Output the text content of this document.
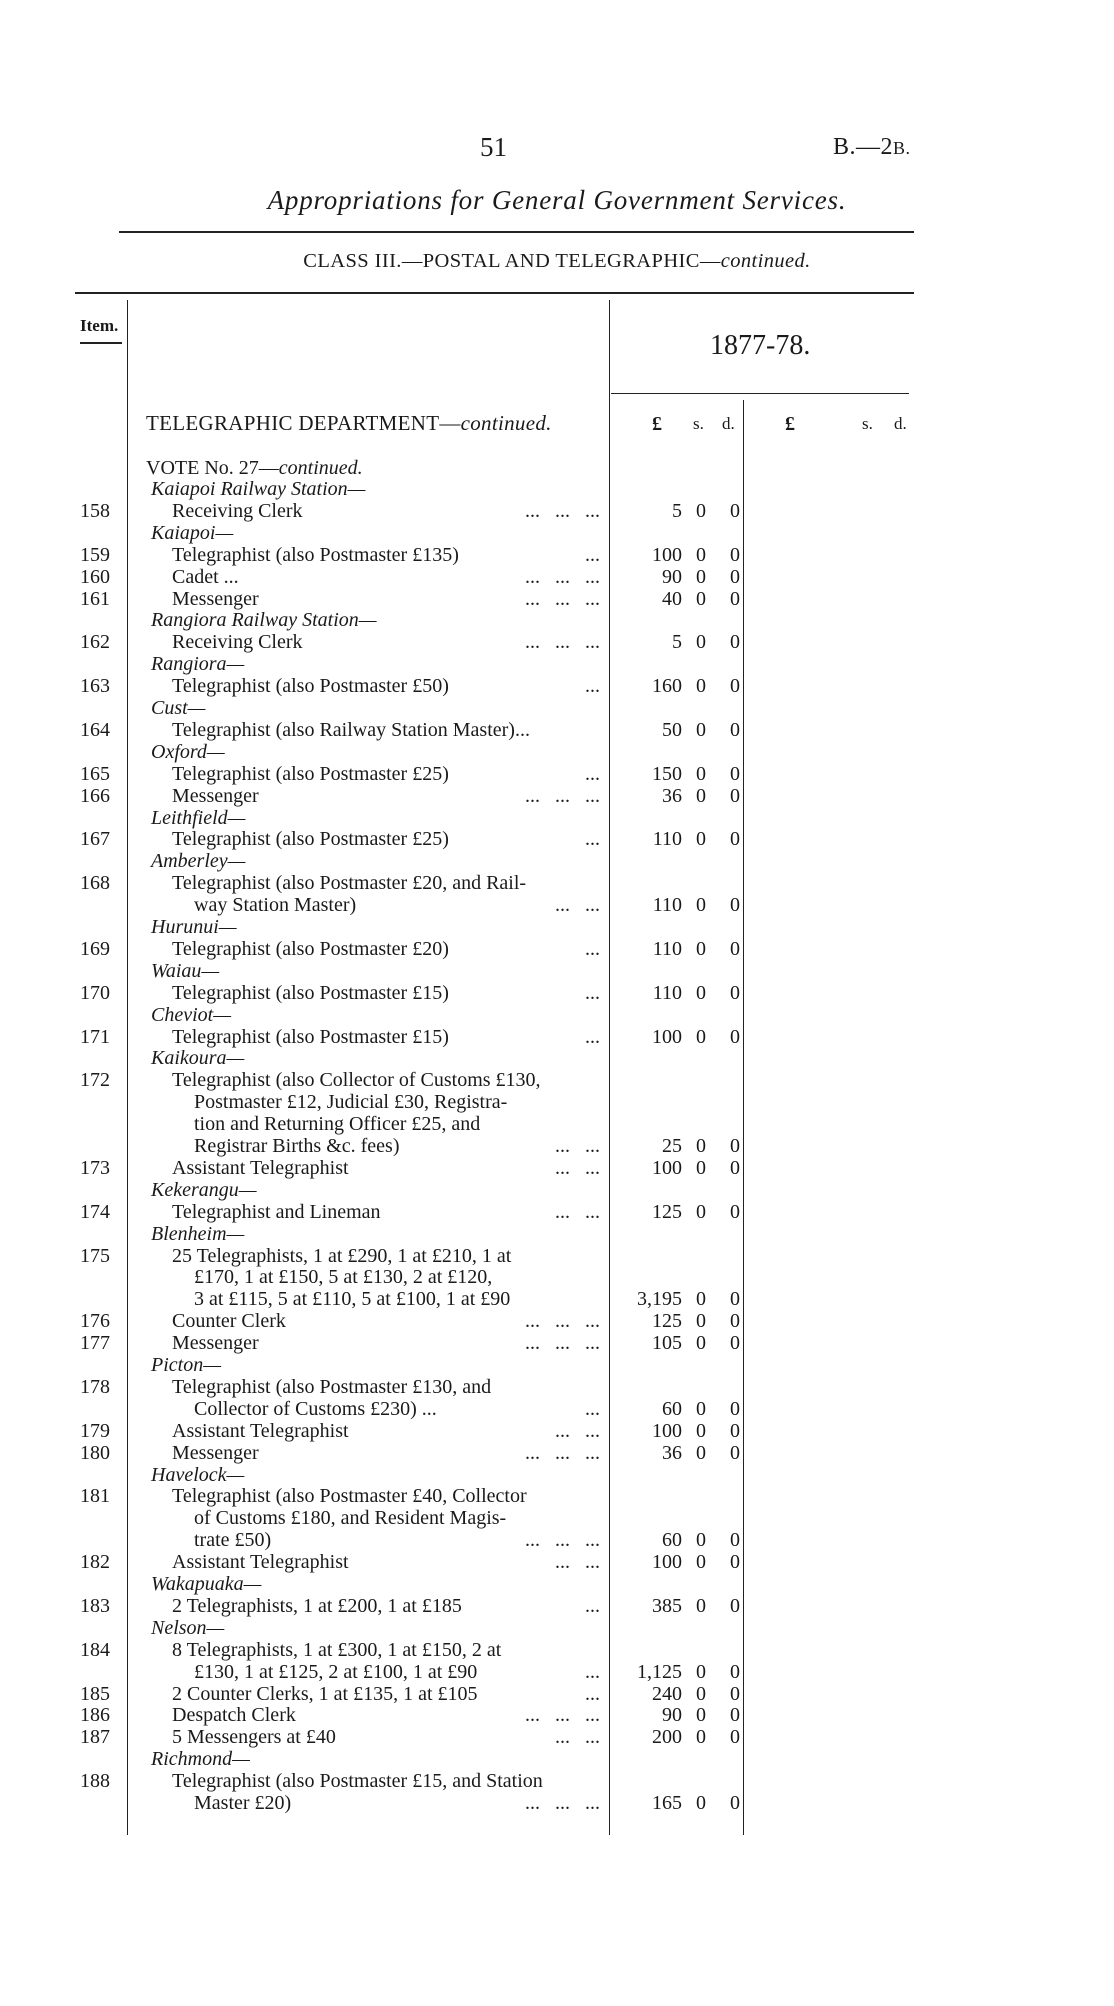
51	B.—2B.
Appropriations for General Government Services.
CLASS III.—POSTAL AND TELEGRAPHIC—continued.
Item.
1877-78.
TELEGRAPHIC DEPARTMENT—continued.	£ s. d.	£	s. d.
VOTE No. 27—continued.
Kaiapoi Railway Station—
158	Receiving Clerk	...   ...   ...	5 0 0
Kaiapoi—
159	Telegraphist (also Postmaster £135)	...	100 0 0
160	Cadet ...	...   ...   ...	90 0 0
161	Messenger	...   ...   ...	40 0 0
Rangiora Railway Station—
162	Receiving Clerk	...   ...   ...	5 0 0
Rangiora—
163	Telegraphist (also Postmaster £50)	...	160 0 0
Cust—
164	Telegraphist (also Railway Station Master)...	50 0 0
Oxford—
165	Telegraphist (also Postmaster £25)	...	150 0 0
166	Messenger	...   ...   ...	36 0 0
Leithfield—
167	Telegraphist (also Postmaster £25)	...	110 0 0
Amberley—
168	Telegraphist (also Postmaster £20, and Rail-
way Station Master)	...   ...	110 0 0
Hurunui—
169	Telegraphist (also Postmaster £20)	...	110 0 0
Waiau—
170	Telegraphist (also Postmaster £15)	...	110 0 0
Cheviot—
171	Telegraphist (also Postmaster £15)	...	100 0 0
Kaikoura—
172	Telegraphist (also Collector of Customs £130,
Postmaster £12, Judicial £30, Registra-
tion and Returning Officer £25, and
Registrar Births &c. fees)	...   ...	25 0 0
173	Assistant Telegraphist	...   ...	100 0 0
Kekerangu—
174	Telegraphist and Lineman	...   ...	125 0 0
Blenheim—
175	25 Telegraphists, 1 at £290, 1 at £210, 1 at
£170, 1 at £150, 5 at £130, 2 at £120,
3 at £115, 5 at £110, 5 at £100, 1 at £90	3,195 0 0
176	Counter Clerk	...   ...   ...	125 0 0
177	Messenger	...   ...   ...	105 0 0
Picton—
178	Telegraphist (also Postmaster £130, and
Collector of Customs £230) ...	...	60 0 0
179	Assistant Telegraphist	...   ...	100 0 0
180	Messenger	...   ...   ...	36 0 0
Havelock—
181	Telegraphist (also Postmaster £40, Collector
of Customs £180, and Resident Magis-
trate £50)	...   ...   ...	60 0 0
182	Assistant Telegraphist	...   ...	100 0 0
Wakapuaka—
183	2 Telegraphists, 1 at £200, 1 at £185	...	385 0 0
Nelson—
184	8 Telegraphists, 1 at £300, 1 at £150, 2 at
£130, 1 at £125, 2 at £100, 1 at £90	...	1,125 0 0
185	2 Counter Clerks, 1 at £135, 1 at £105	...	240 0 0
186	Despatch Clerk	...   ...   ...	90 0 0
187	5 Messengers at £40	...   ...	200 0 0
Richmond—
188	Telegraphist (also Postmaster £15, and Station
Master £20)	...   ...   ...	165 0 0
